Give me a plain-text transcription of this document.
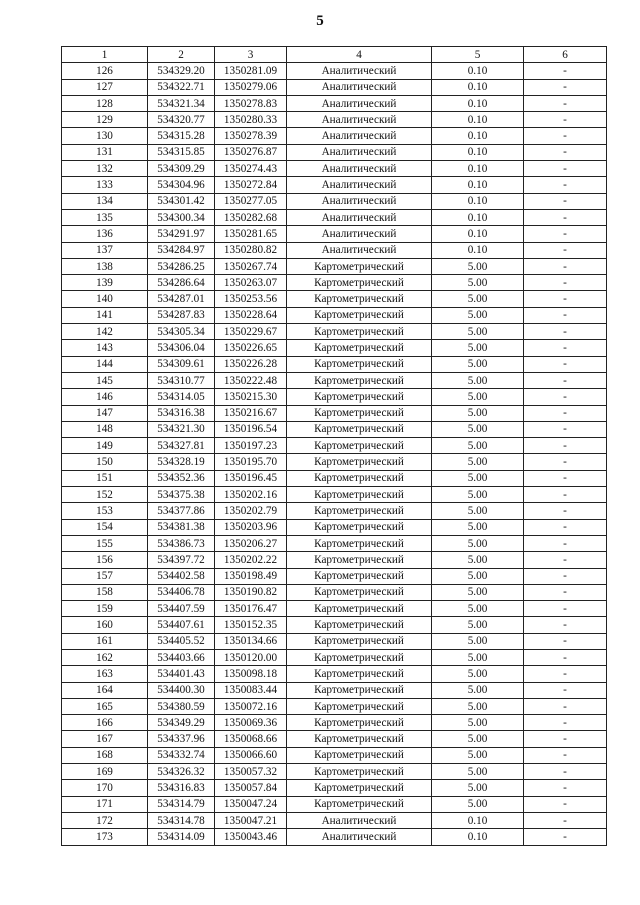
5
1	2	3	4	5	6
126	534329.20	1350281.09	Аналитический	0.10	-
127	534322.71	1350279.06	Аналитический	0.10	-
128	534321.34	1350278.83	Аналитический	0.10	-
129	534320.77	1350280.33	Аналитический	0.10	-
130	534315.28	1350278.39	Аналитический	0.10	-
131	534315.85	1350276.87	Аналитический	0.10	-
132	534309.29	1350274.43	Аналитический	0.10	-
133	534304.96	1350272.84	Аналитический	0.10	-
134	534301.42	1350277.05	Аналитический	0.10	-
135	534300.34	1350282.68	Аналитический	0.10	-
136	534291.97	1350281.65	Аналитический	0.10	-
137	534284.97	1350280.82	Аналитический	0.10	-
138	534286.25	1350267.74	Картометрический	5.00	-
139	534286.64	1350263.07	Картометрический	5.00	-
140	534287.01	1350253.56	Картометрический	5.00	-
141	534287.83	1350228.64	Картометрический	5.00	-
142	534305.34	1350229.67	Картометрический	5.00	-
143	534306.04	1350226.65	Картометрический	5.00	-
144	534309.61	1350226.28	Картометрический	5.00	-
145	534310.77	1350222.48	Картометрический	5.00	-
146	534314.05	1350215.30	Картометрический	5.00	-
147	534316.38	1350216.67	Картометрический	5.00	-
148	534321.30	1350196.54	Картометрический	5.00	-
149	534327.81	1350197.23	Картометрический	5.00	-
150	534328.19	1350195.70	Картометрический	5.00	-
151	534352.36	1350196.45	Картометрический	5.00	-
152	534375.38	1350202.16	Картометрический	5.00	-
153	534377.86	1350202.79	Картометрический	5.00	-
154	534381.38	1350203.96	Картометрический	5.00	-
155	534386.73	1350206.27	Картометрический	5.00	-
156	534397.72	1350202.22	Картометрический	5.00	-
157	534402.58	1350198.49	Картометрический	5.00	-
158	534406.78	1350190.82	Картометрический	5.00	-
159	534407.59	1350176.47	Картометрический	5.00	-
160	534407.61	1350152.35	Картометрический	5.00	-
161	534405.52	1350134.66	Картометрический	5.00	-
162	534403.66	1350120.00	Картометрический	5.00	-
163	534401.43	1350098.18	Картометрический	5.00	-
164	534400.30	1350083.44	Картометрический	5.00	-
165	534380.59	1350072.16	Картометрический	5.00	-
166	534349.29	1350069.36	Картометрический	5.00	-
167	534337.96	1350068.66	Картометрический	5.00	-
168	534332.74	1350066.60	Картометрический	5.00	-
169	534326.32	1350057.32	Картометрический	5.00	-
170	534316.83	1350057.84	Картометрический	5.00	-
171	534314.79	1350047.24	Картометрический	5.00	-
172	534314.78	1350047.21	Аналитический	0.10	-
173	534314.09	1350043.46	Аналитический	0.10	-
